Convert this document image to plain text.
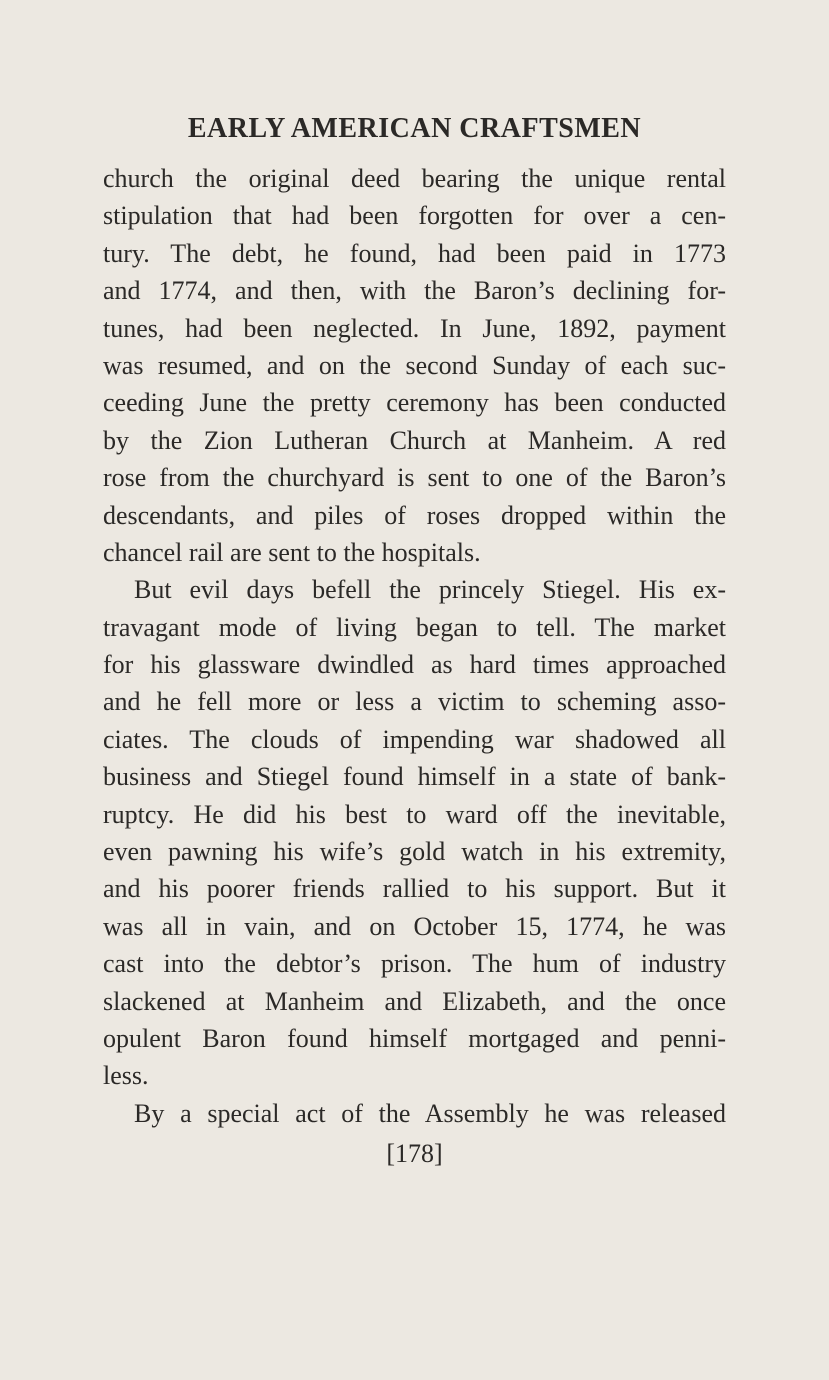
EARLY AMERICAN CRAFTSMEN
church the original deed bearing the unique rental
stipulation that had been forgotten for over a cen-
tury. The debt, he found, had been paid in 1773
and 1774, and then, with the Baron’s declining for-
tunes, had been neglected. In June, 1892, payment
was resumed, and on the second Sunday of each suc-
ceeding June the pretty ceremony has been conducted
by the Zion Lutheran Church at Manheim. A red
rose from the churchyard is sent to one of the Baron’s
descendants, and piles of roses dropped within the
chancel rail are sent to the hospitals.
But evil days befell the princely Stiegel. His ex-
travagant mode of living began to tell. The market
for his glassware dwindled as hard times approached
and he fell more or less a victim to scheming asso-
ciates. The clouds of impending war shadowed all
business and Stiegel found himself in a state of bank-
ruptcy. He did his best to ward off the inevitable,
even pawning his wife’s gold watch in his extremity,
and his poorer friends rallied to his support. But it
was all in vain, and on October 15, 1774, he was
cast into the debtor’s prison. The hum of industry
slackened at Manheim and Elizabeth, and the once
opulent Baron found himself mortgaged and penni-
less.
By a special act of the Assembly he was released

[178]
